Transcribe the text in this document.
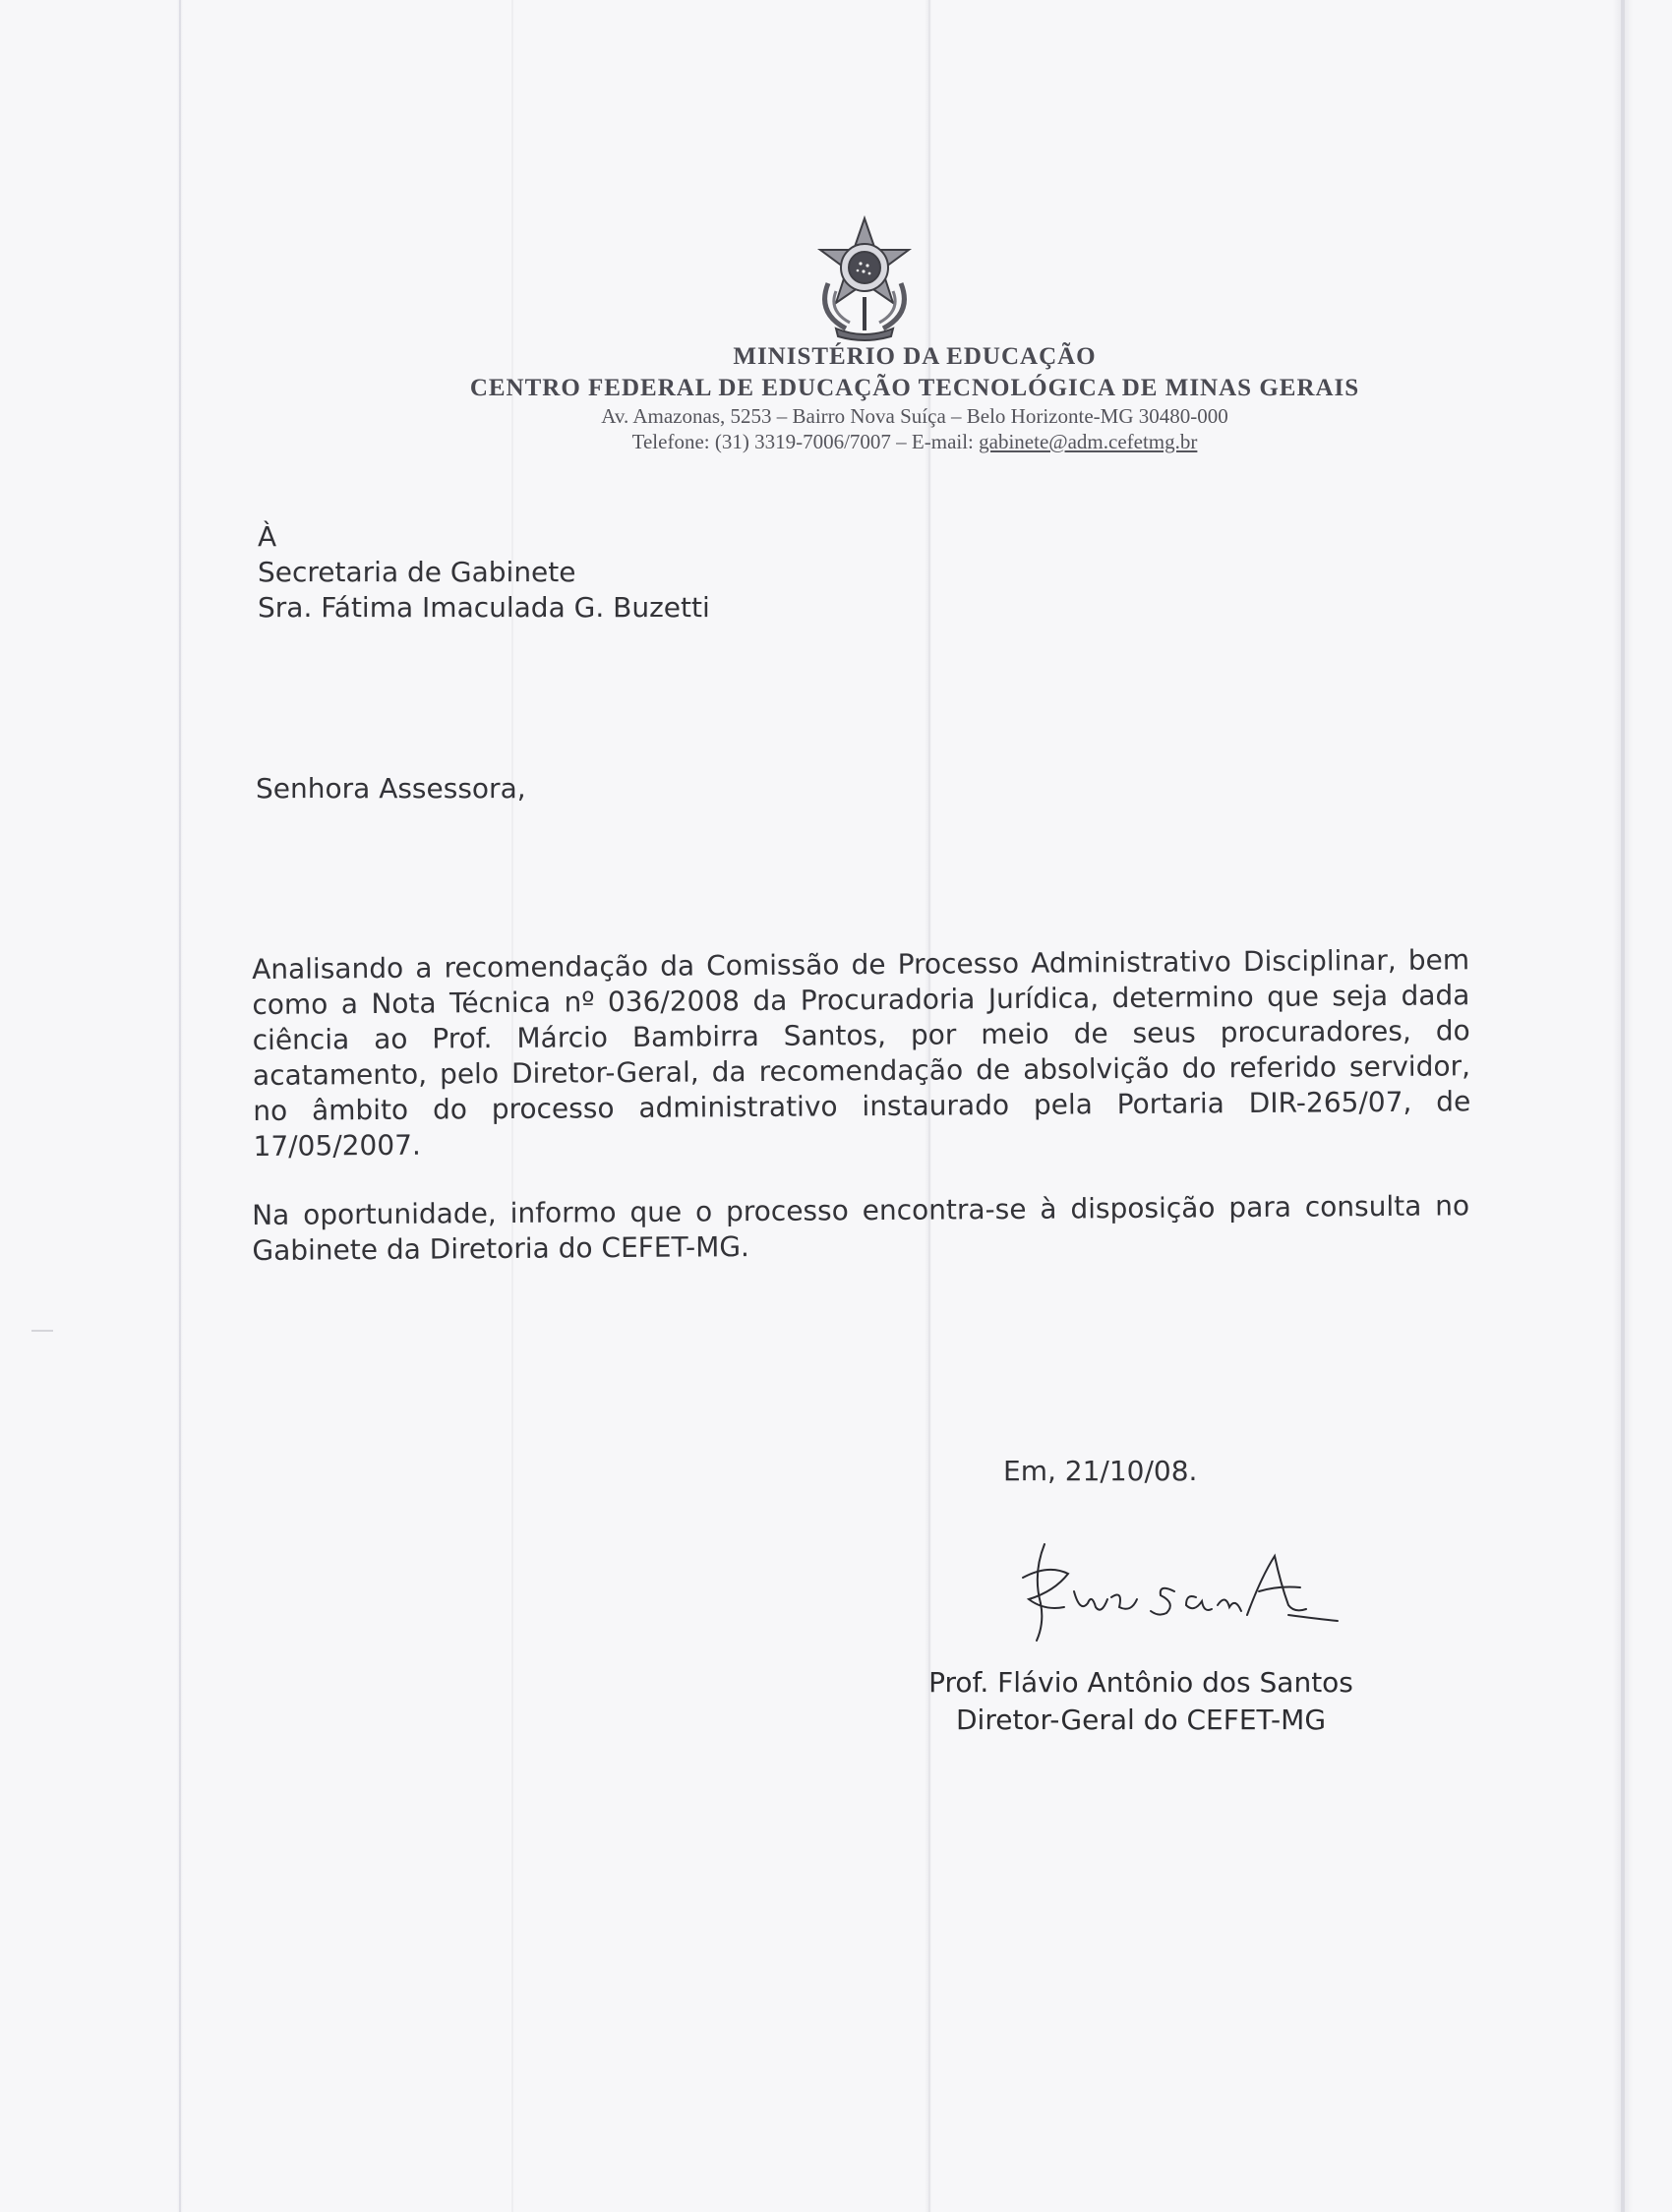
MINISTÉRIO DA EDUCAÇÃO
CENTRO FEDERAL DE EDUCAÇÃO TECNOLÓGICA DE MINAS GERAIS
Av. Amazonas, 5253 – Bairro Nova Suíça – Belo Horizonte-MG 30480-000
Telefone: (31) 3319-7006/7007 – E-mail: gabinete@adm.cefetmg.br
À
Secretaria de Gabinete
Sra. Fátima Imaculada G. Buzetti
Senhora Assessora,
Analisando a recomendação da Comissão de Processo Administrativo Disciplinar, bem como a Nota Técnica nº 036/2008 da Procuradoria Jurídica, determino que seja dada ciência ao Prof. Márcio Bambirra Santos, por meio de seus procuradores, do acatamento, pelo Diretor-Geral, da recomendação de absolvição do referido servidor, no âmbito do processo administrativo instaurado pela Portaria DIR-265/07, de 17/05/2007.
Na oportunidade, informo que o processo encontra-se à disposição para consulta no Gabinete da Diretoria do CEFET-MG.
Em, 21/10/08.
Prof. Flávio Antônio dos Santos
Diretor-Geral do CEFET-MG
